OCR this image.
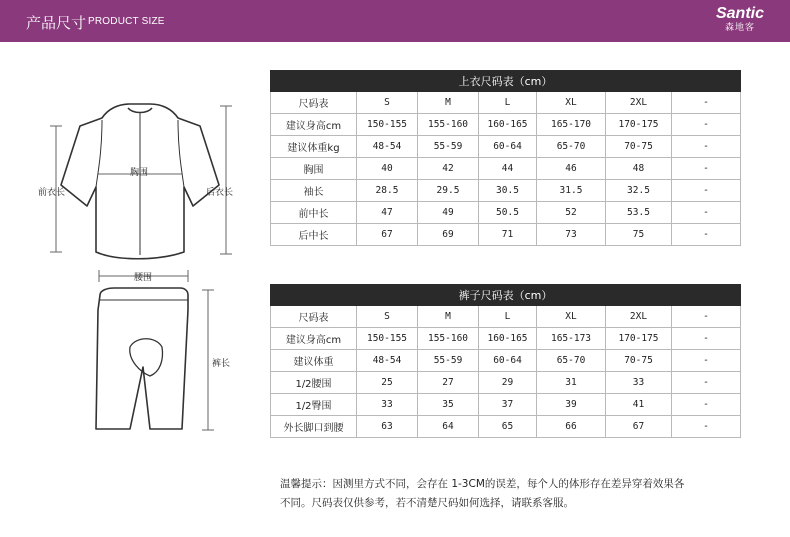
产品尺寸 PRODUCT SIZE	Santic
森地客
胸围
前衣长	后衣长
腰围
裤长
上衣尺码表（cm）						
尺码表	S	M	L	XL	2XL	-
建议身高cm	150-155	155-160	160-165	165-170	170-175	-
建议体重kg	48-54	55-59	60-64	65-70	70-75	-
胸围	40	42	44	46	48	-
袖长	28.5	29.5	30.5	31.5	32.5	-
前中长	47	49	50.5	52	53.5	-
后中长	67	69	71	73	75	-
裤子尺码表（cm）						
尺码表	S	M	L	XL	2XL	-
建议身高cm	150-155	155-160	160-165	165-173	170-175	-
建议体重	48-54	55-59	60-64	65-70	70-75	-
1/2腰围	25	27	29	31	33	-
1/2臀围	33	35	37	39	41	-
外长脚口到腰	63	64	65	66	67	-
温馨提示：因测里方式不同，会存在 1-3CM的误差，每个人的体形存在差异穿着效果各
不同。尺码表仅供参考，若不清楚尺码如何选择，请联系客服。
